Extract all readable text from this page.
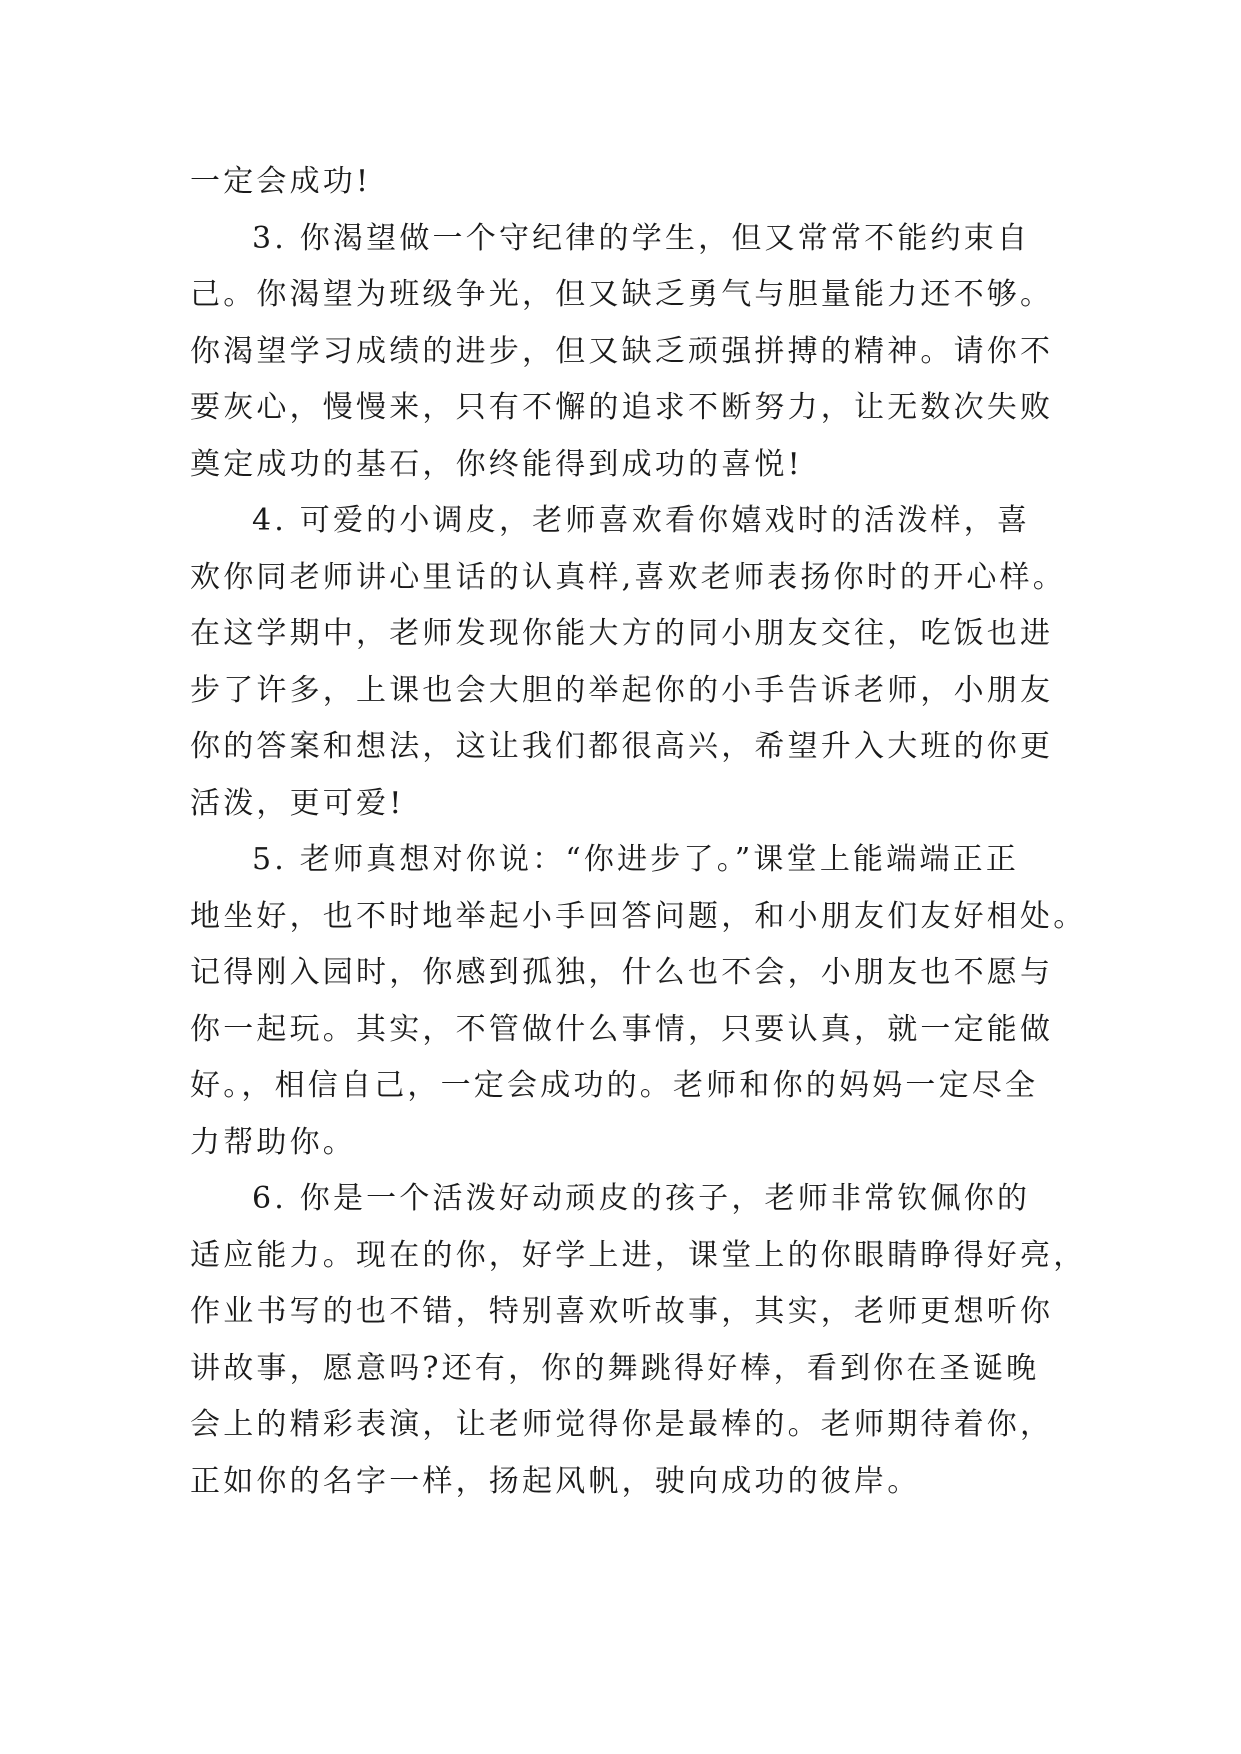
一定会成功!
3. 你渴望做一个守纪律的学生，但又常常不能约束自
己。你渴望为班级争光，但又缺乏勇气与胆量能力还不够。
你渴望学习成绩的进步，但又缺乏顽强拼搏的精神。请你不
要灰心，慢慢来，只有不懈的追求不断努力，让无数次失败
奠定成功的基石，你终能得到成功的喜悦!
4. 可爱的小调皮，老师喜欢看你嬉戏时的活泼样，喜
欢你同老师讲心里话的认真样,喜欢老师表扬你时的开心样。
在这学期中，老师发现你能大方的同小朋友交往，吃饭也进
步了许多，上课也会大胆的举起你的小手告诉老师，小朋友
你的答案和想法，这让我们都很高兴，希望升入大班的你更
活泼，更可爱!
5. 老师真想对你说：“你进步了。”课堂上能端端正正
地坐好，也不时地举起小手回答问题，和小朋友们友好相处。
记得刚入园时，你感到孤独，什么也不会，小朋友也不愿与
你一起玩。其实，不管做什么事情，只要认真，就一定能做
好。，相信自己，一定会成功的。老师和你的妈妈一定尽全
力帮助你。
6. 你是一个活泼好动顽皮的孩子，老师非常钦佩你的
适应能力。现在的你，好学上进，课堂上的你眼睛睁得好亮，
作业书写的也不错，特别喜欢听故事，其实，老师更想听你
讲故事，愿意吗?还有，你的舞跳得好棒，看到你在圣诞晚
会上的精彩表演，让老师觉得你是最棒的。老师期待着你，
正如你的名字一样，扬起风帆，驶向成功的彼岸。
